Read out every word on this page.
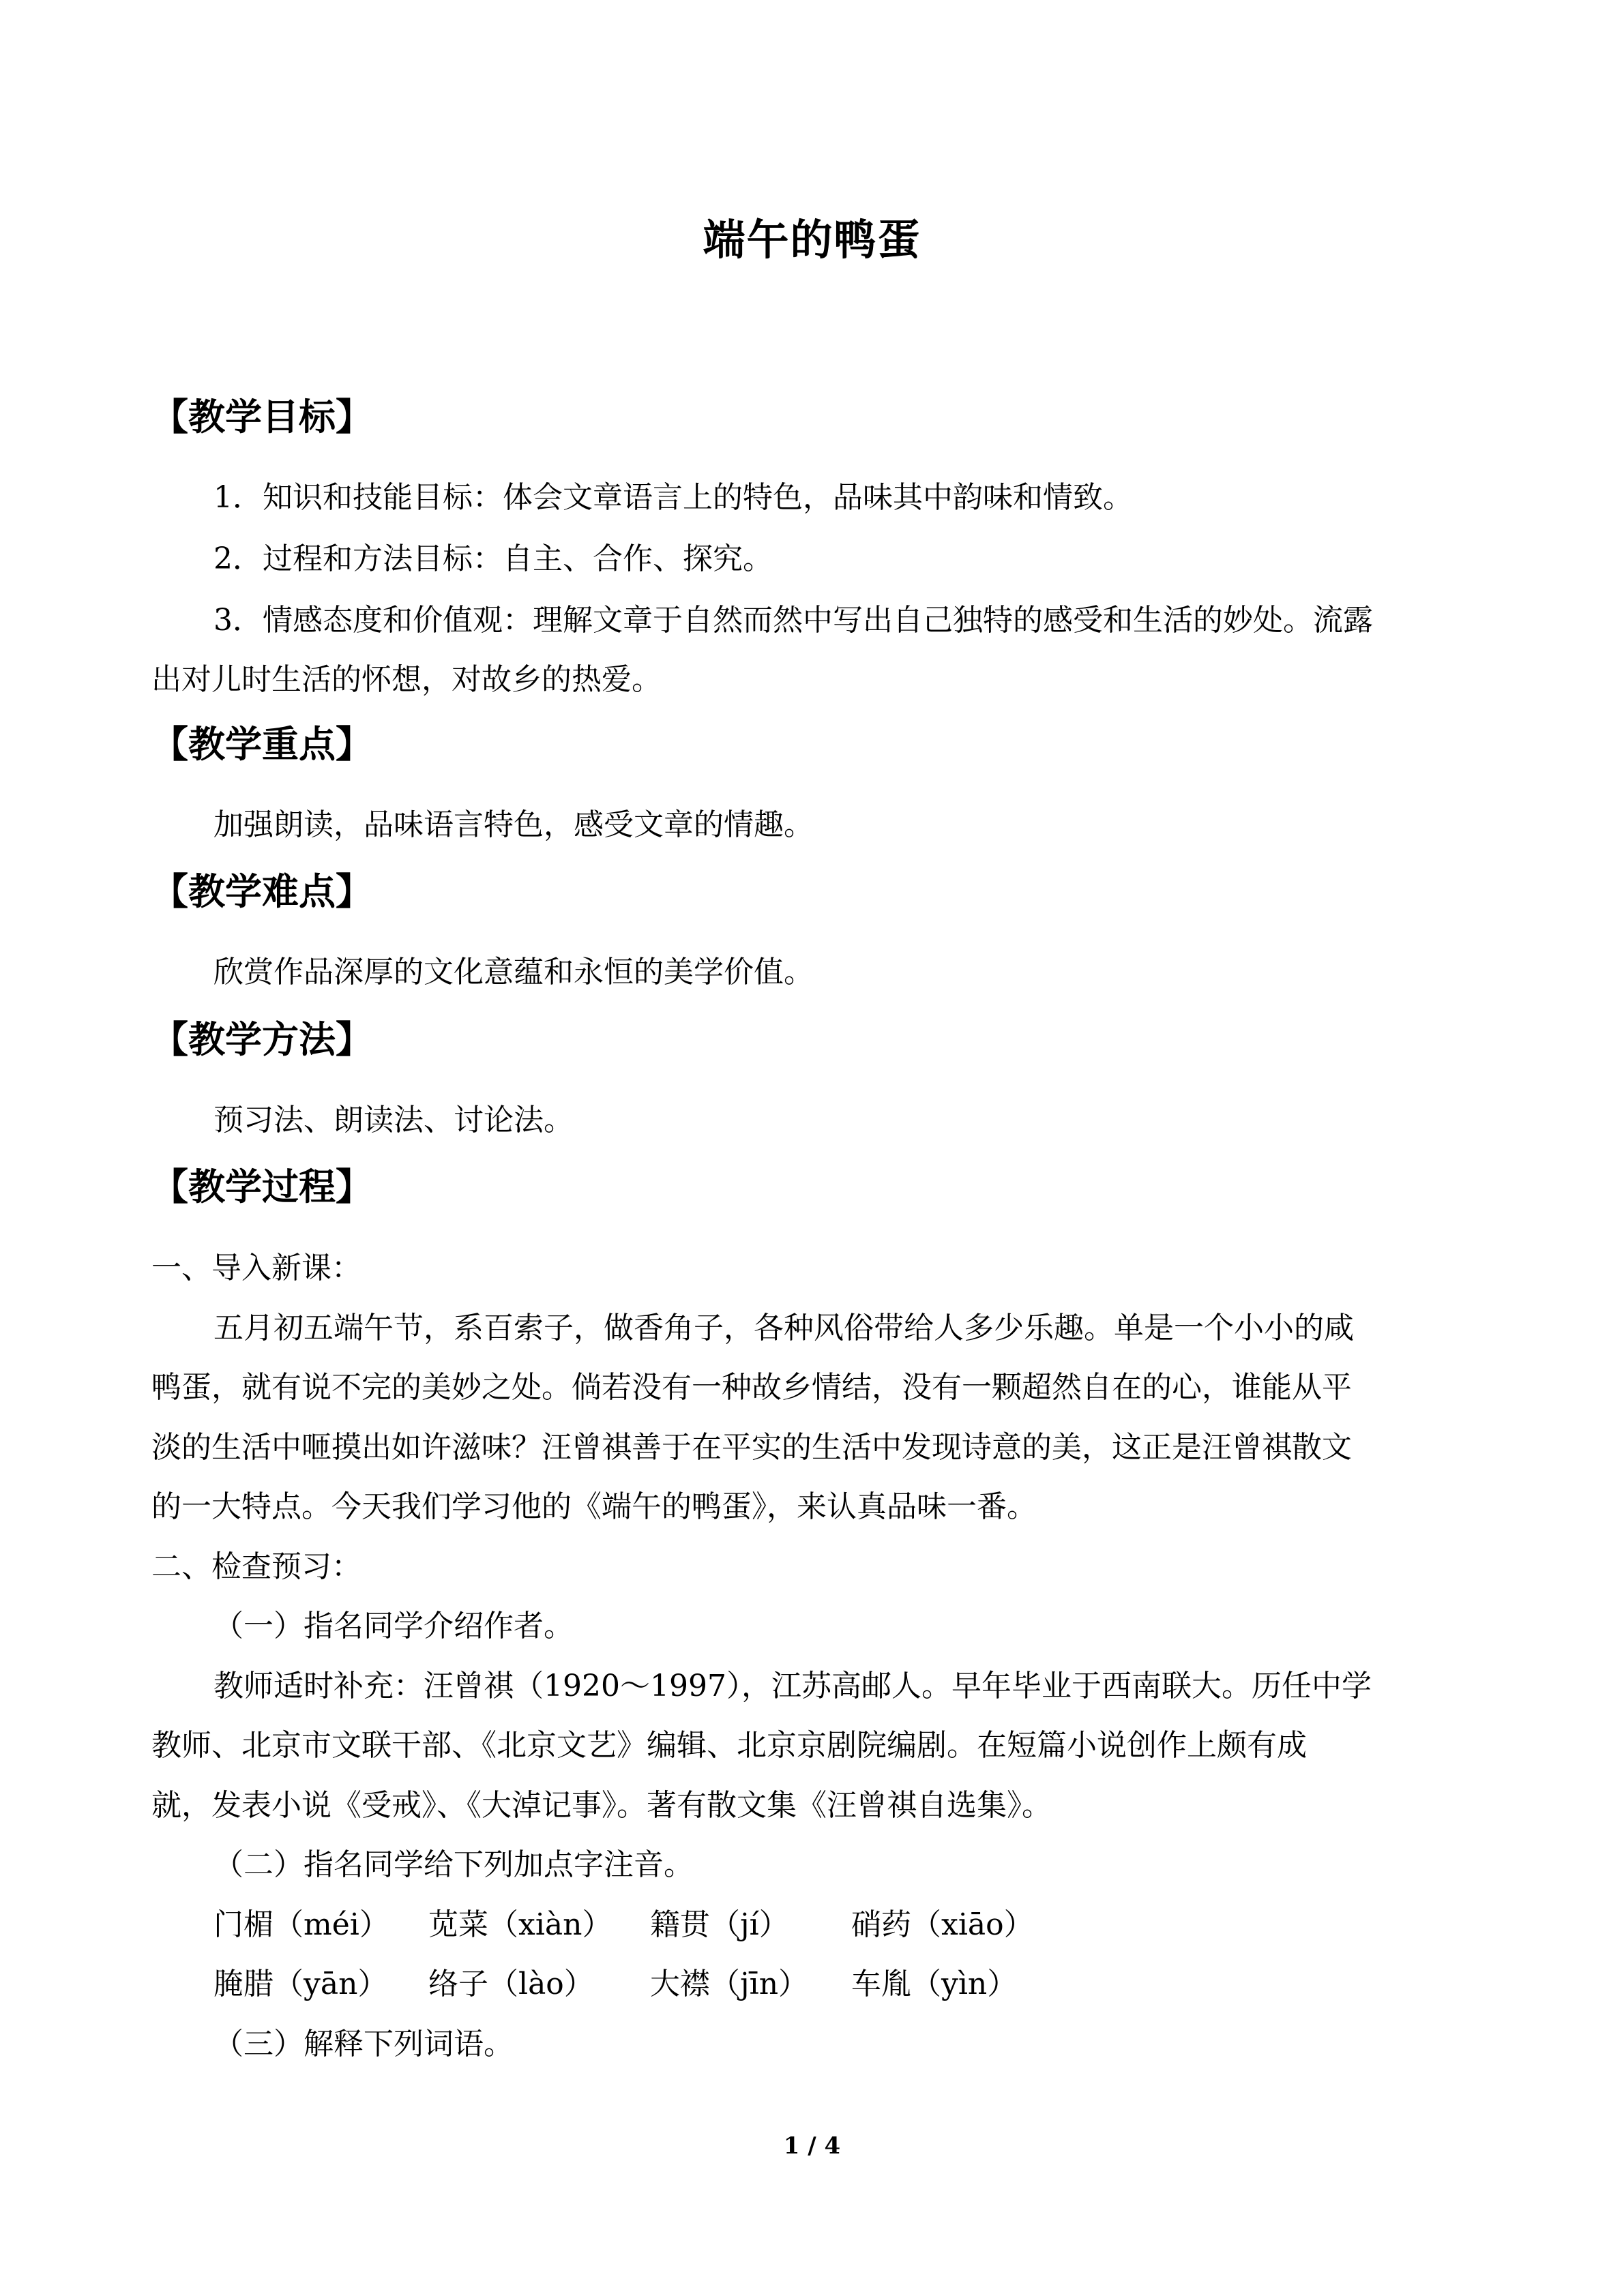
端午的鸭蛋
【教学目标】
1．知识和技能目标：体会文章语言上的特色，品味其中韵味和情致。
2．过程和方法目标：自主、合作、探究。
3．情感态度和价值观：理解文章于自然而然中写出自己独特的感受和生活的妙处。流露
出对儿时生活的怀想，对故乡的热爱。
【教学重点】
加强朗读，品味语言特色，感受文章的情趣。
【教学难点】
欣赏作品深厚的文化意蕴和永恒的美学价值。
【教学方法】
预习法、朗读法、讨论法。
【教学过程】
一、导入新课：
五月初五端午节，系百索子，做香角子，各种风俗带给人多少乐趣。单是一个小小的咸
鸭蛋，就有说不完的美妙之处。倘若没有一种故乡情结，没有一颗超然自在的心，谁能从平
淡的生活中咂摸出如许滋味？汪曾祺善于在平实的生活中发现诗意的美，这正是汪曾祺散文
的一大特点。今天我们学习他的《端午的鸭蛋》，来认真品味一番。
二、检查预习：
（一）指名同学介绍作者。
教师适时补充：汪曾祺（1920～1997），江苏高邮人。早年毕业于西南联大。历任中学
教师、北京市文联干部、《北京文艺》编辑、北京京剧院编剧。在短篇小说创作上颇有成
就，发表小说《受戒》、《大淖记事》。著有散文集《汪曾祺自选集》。
（二）指名同学给下列加点字注音。
门楣（méi） 苋菜（xiàn） 籍贯（jí） 硝药（xiāo）
腌腊（yān） 络子（lào） 大襟（jīn） 车胤（yìn）
（三）解释下列词语。
1 / 4
